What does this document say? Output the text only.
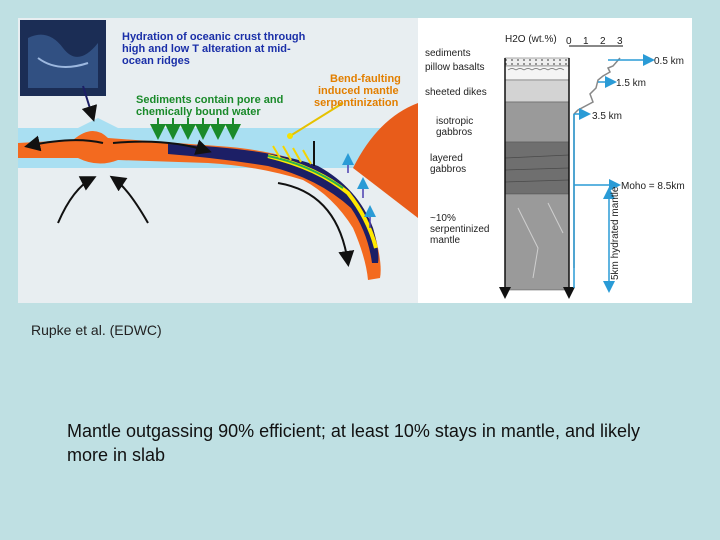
Hydration of oceanic crust through high and low T alteration at mid- ocean ridges
Sediments contain pore and chemically bound water
Bend-faulting induced mantle serpentinization
sediments
pillow basalts
sheeted dikes
isotropic gabbros
layered gabbros
~10% serpentinized mantle
H2O (wt.%) 0 1 2 3
0.5 km
1.5 km
3.5 km
Moho = 8.5km
5km hydrated mantle
Rupke et al. (EDWC)
Mantle outgassing 90% efficient; at least 10% stays in mantle, and likely more in slab
